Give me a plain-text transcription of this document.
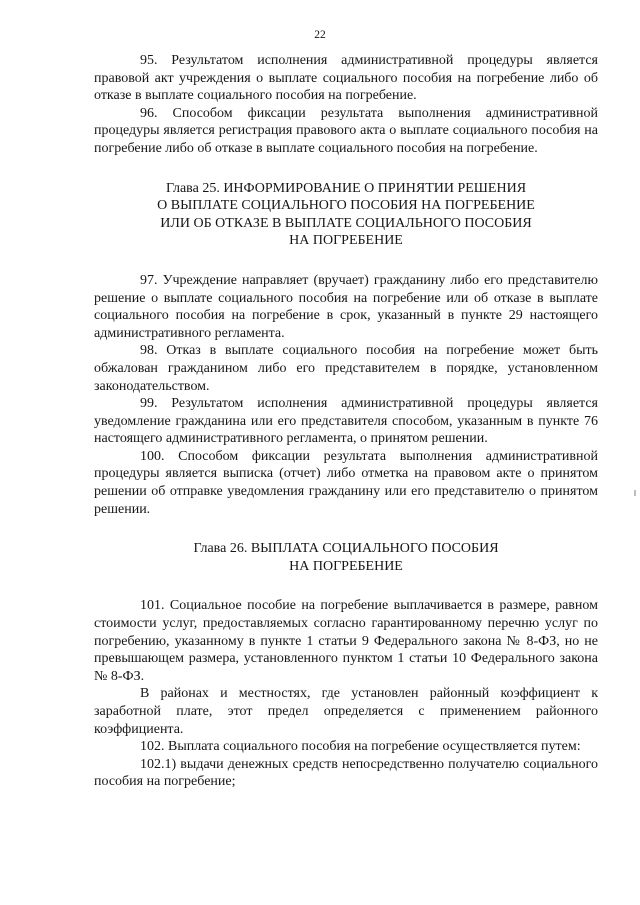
22

95. Результатом исполнения административной процедуры является правовой акт учреждения о выплате социального пособия на погребение либо об отказе в выплате социального пособия на погребение.

96. Способом фиксации результата выполнения административной процедуры является регистрация правового акта о выплате социального пособия на погребение либо об отказе в выплате социального пособия на погребение.

Глава 25. ИНФОРМИРОВАНИЕ О ПРИНЯТИИ РЕШЕНИЯ
О ВЫПЛАТЕ СОЦИАЛЬНОГО ПОСОБИЯ НА ПОГРЕБЕНИЕ
ИЛИ ОБ ОТКАЗЕ В ВЫПЛАТЕ СОЦИАЛЬНОГО ПОСОБИЯ
НА ПОГРЕБЕНИЕ

97. Учреждение направляет (вручает) гражданину либо его представителю решение о выплате социального пособия на погребение или об отказе в выплате социального пособия на погребение в срок, указанный в пункте 29 настоящего административного регламента.

98. Отказ в выплате социального пособия на погребение может быть обжалован гражданином либо его представителем в порядке, установленном законодательством.

99. Результатом исполнения административной процедуры является уведомление гражданина или его представителя способом, указанным в пункте 76 настоящего административного регламента, о принятом решении.

100. Способом фиксации результата выполнения административной процедуры является выписка (отчет) либо отметка на правовом акте о принятом решении об отправке уведомления гражданину или его представителю о принятом решении.

Глава 26. ВЫПЛАТА СОЦИАЛЬНОГО ПОСОБИЯ
НА ПОГРЕБЕНИЕ

101. Социальное пособие на погребение выплачивается в размере, равном стоимости услуг, предоставляемых согласно гарантированному перечню услуг по погребению, указанному в пункте 1 статьи 9 Федерального закона № 8-ФЗ, но не превышающем размера, установленного пунктом 1 статьи 10 Федерального закона № 8-ФЗ.

В районах и местностях, где установлен районный коэффициент к заработной плате, этот предел определяется с применением районного коэффициента.

102. Выплата социального пособия на погребение осуществляется путем:

102.1) выдачи денежных средств непосредственно получателю социального пособия на погребение;
